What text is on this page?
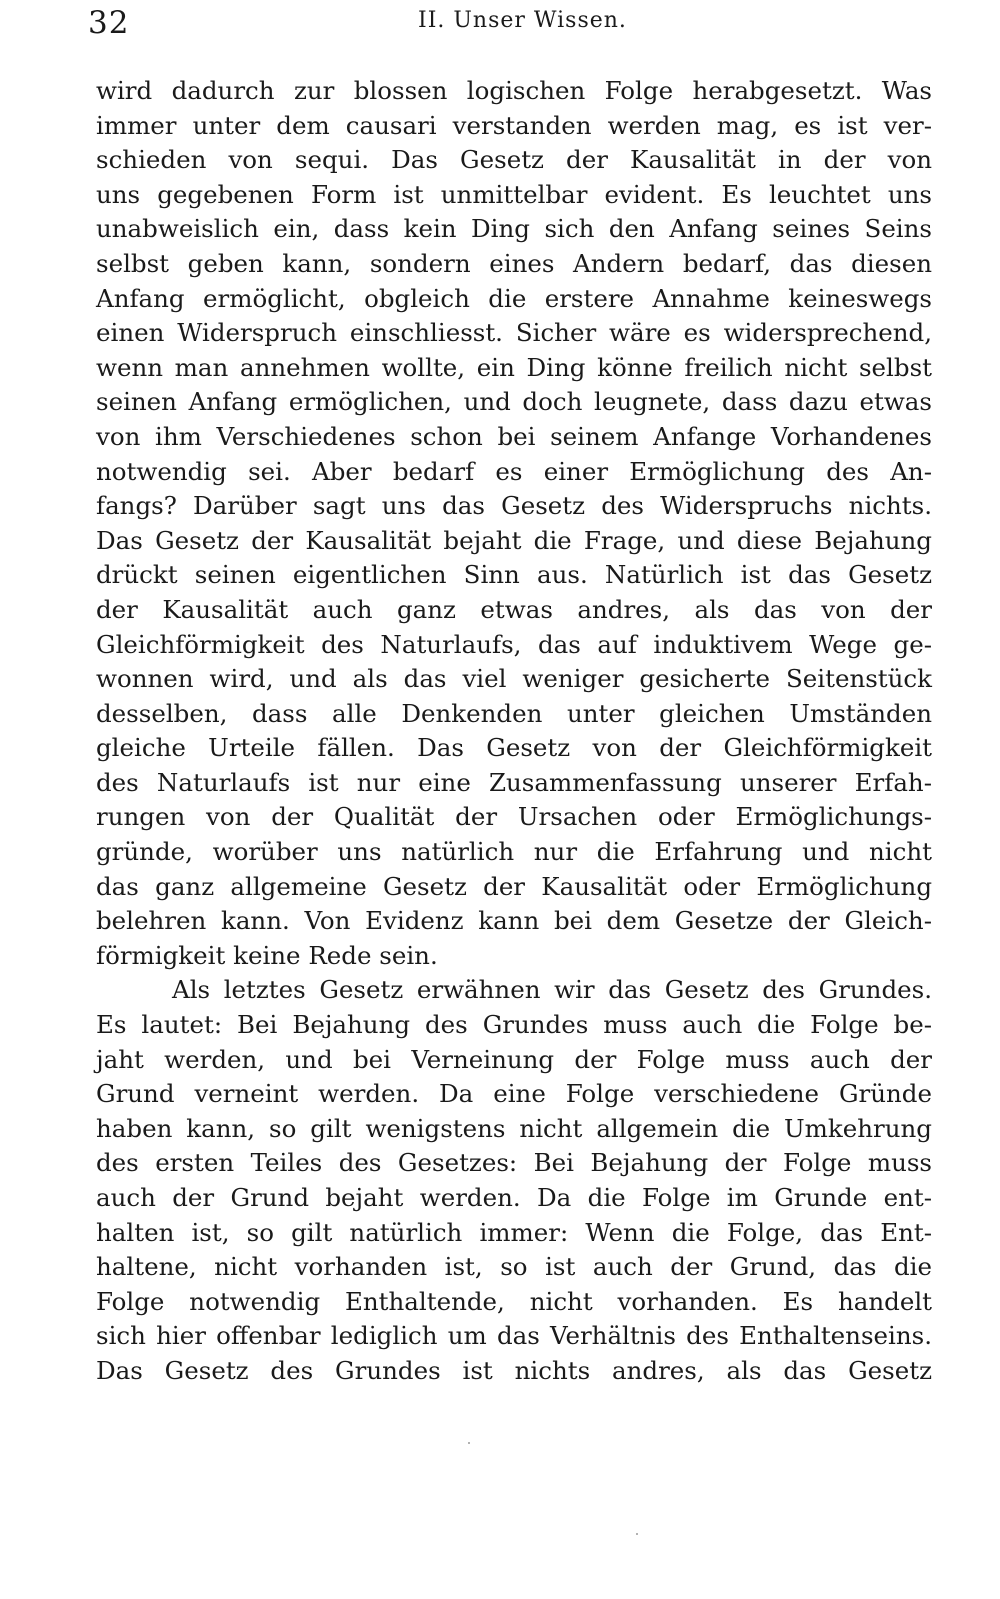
32	II. Unser Wissen.
wird dadurch zur blossen logischen Folge herabgesetzt. Was
immer unter dem causari verstanden werden mag, es ist ver-
schieden von sequi. Das Gesetz der Kausalität in der von
uns gegebenen Form ist unmittelbar evident. Es leuchtet uns
unabweislich ein, dass kein Ding sich den Anfang seines Seins
selbst geben kann, sondern eines Andern bedarf, das diesen
Anfang ermöglicht, obgleich die erstere Annahme keineswegs
einen Widerspruch einschliesst. Sicher wäre es widersprechend,
wenn man annehmen wollte, ein Ding könne freilich nicht selbst
seinen Anfang ermöglichen, und doch leugnete, dass dazu etwas
von ihm Verschiedenes schon bei seinem Anfange Vorhandenes
notwendig sei. Aber bedarf es einer Ermöglichung des An-
fangs? Darüber sagt uns das Gesetz des Widerspruchs nichts.
Das Gesetz der Kausalität bejaht die Frage, und diese Bejahung
drückt seinen eigentlichen Sinn aus. Natürlich ist das Gesetz
der Kausalität auch ganz etwas andres, als das von der
Gleichförmigkeit des Naturlaufs, das auf induktivem Wege ge-
wonnen wird, und als das viel weniger gesicherte Seitenstück
desselben, dass alle Denkenden unter gleichen Umständen
gleiche Urteile fällen. Das Gesetz von der Gleichförmigkeit
des Naturlaufs ist nur eine Zusammenfassung unserer Erfah-
rungen von der Qualität der Ursachen oder Ermöglichungs-
gründe, worüber uns natürlich nur die Erfahrung und nicht
das ganz allgemeine Gesetz der Kausalität oder Ermöglichung
belehren kann. Von Evidenz kann bei dem Gesetze der Gleich-
förmigkeit keine Rede sein.
Als letztes Gesetz erwähnen wir das Gesetz des Grundes.
Es lautet: Bei Bejahung des Grundes muss auch die Folge be-
jaht werden, und bei Verneinung der Folge muss auch der
Grund verneint werden. Da eine Folge verschiedene Gründe
haben kann, so gilt wenigstens nicht allgemein die Umkehrung
des ersten Teiles des Gesetzes: Bei Bejahung der Folge muss
auch der Grund bejaht werden. Da die Folge im Grunde ent-
halten ist, so gilt natürlich immer: Wenn die Folge, das Ent-
haltene, nicht vorhanden ist, so ist auch der Grund, das die
Folge notwendig Enthaltende, nicht vorhanden. Es handelt
sich hier offenbar lediglich um das Verhältnis des Enthaltenseins.
Das Gesetz des Grundes ist nichts andres, als das Gesetz
